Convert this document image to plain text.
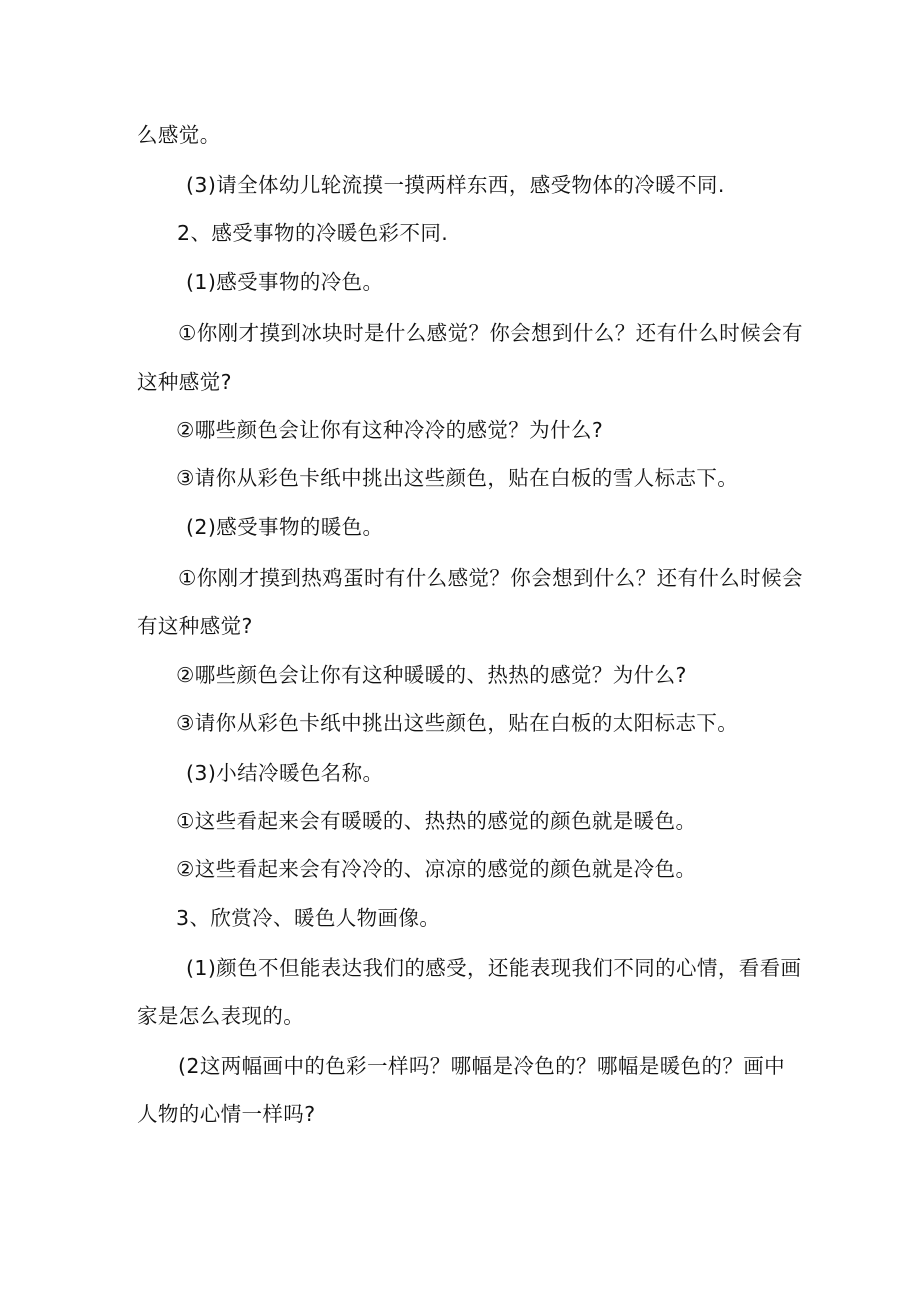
么感觉。
(3)请全体幼儿轮流摸一摸两样东西，感受物体的冷暖不同.
2、感受事物的冷暖色彩不同.
(1)感受事物的冷色。
①你刚才摸到冰块时是什么感觉？你会想到什么？还有什么时候会有
这种感觉?
②哪些颜色会让你有这种冷冷的感觉？为什么?
③请你从彩色卡纸中挑出这些颜色，贴在白板的雪人标志下。
(2)感受事物的暖色。
①你刚才摸到热鸡蛋时有什么感觉？你会想到什么？还有什么时候会
有这种感觉?
②哪些颜色会让你有这种暖暖的、热热的感觉？为什么?
③请你从彩色卡纸中挑出这些颜色，贴在白板的太阳标志下。
(3)小结冷暖色名称。
①这些看起来会有暖暖的、热热的感觉的颜色就是暖色。
②这些看起来会有冷冷的、凉凉的感觉的颜色就是冷色。
3、欣赏冷、暖色人物画像。
(1)颜色不但能表达我们的感受，还能表现我们不同的心情，看看画
家是怎么表现的。
(2这两幅画中的色彩一样吗？哪幅是冷色的？哪幅是暖色的？画中
人物的心情一样吗?
